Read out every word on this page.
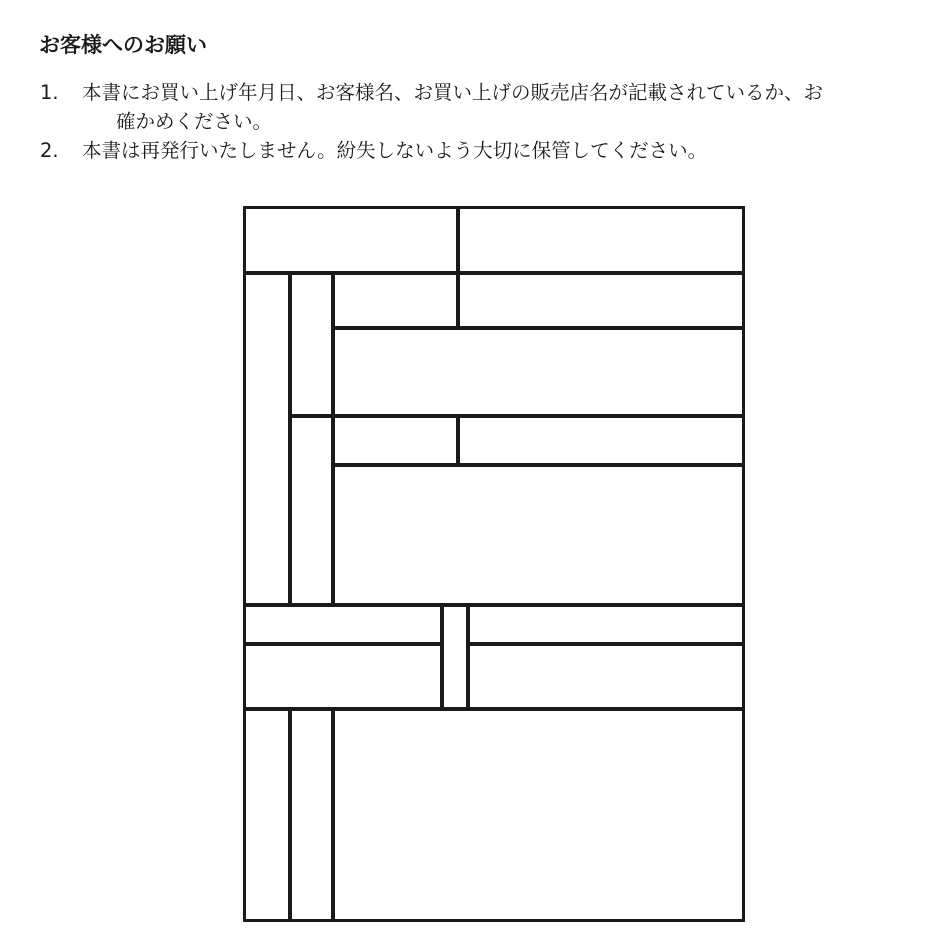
お客様へのお願い
1.	本書にお買い上げ年月日、お客様名、お買い上げの販売店名が記載されているか、お
確かめください。
2.	本書は再発行いたしません。紛失しないよう大切に保管してください。
